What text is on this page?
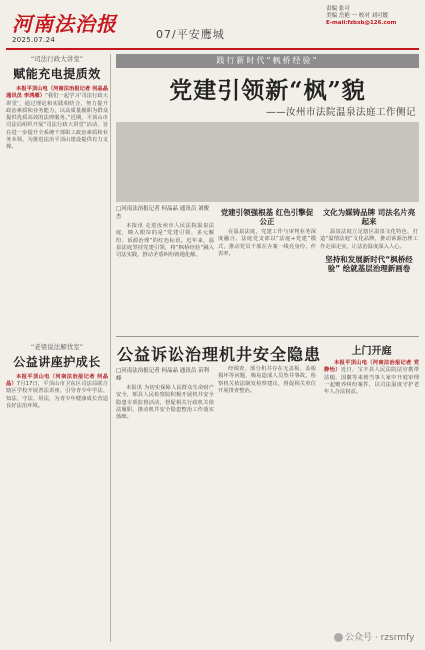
河南法治报
2025.07.24	07/平安鹰城
责编 张可
美编 岳艳 一 校对 刘可嫒
E-mail:fzbxb@126.com
“司法行政大讲堂”
赋能充电提质效

本报平顶山电（河南法治报记者 何晶晶 通讯员 李鸿雁）“我们一起学习‘司法行政大讲堂’，通过理论和实践相结合，努力提升政治素质和业务能力，以高质量履职为群众提供优质高效的法律服务。”近期，平顶山市司法局组织开展“司法行政大讲堂”活动，旨在进一步提升全系统干部职工政治素质和业务本领，为推进法治平顶山建设提供有力支撑。

“老梁说法解忧室”
公益讲座护成长

本报平顶山电（河南法治报记者 何晶晶）7月17日，平顶山市卫东区司法局联合辖区学校开展普法讲座，引导青少年学法、知法、守法、用法，为青少年健康成长营造良好法治环境。

践行新时代“枫桥经验”
党建引领新“枫”貌
——汝州市法院温泉法庭工作侧记
□河南法治报记者 何晶晶 通讯员 刘俊杰

本报讯 走进汝州市人民法院温泉法庭，映入眼帘的是“党建引领、多元解纷、诉源治理”的红色标语。近年来，温泉法庭坚持党建引领，将“枫桥经验”融入司法实践，推动矛盾纠纷就地化解。

党建引领强根基 红色引擎促公正

在温泉法庭，党建工作与审判业务深度融合。法庭党支部以“法庭+党建”模式，推动党员干部在办案一线亮身份、作表率。

文化为媒铸品牌 司法名片亮起来

温泉法庭立足辖区温泉文化特色，打造“温情法庭”文化品牌，推动诉源治理工作走深走实，让法治温度深入人心。

坚持和发展新时代“枫桥经验” 绘就基层治理新画卷
公益诉讼治理机井安全隐患
□河南法治报记者 何晶晶 通讯员 苗利峰

本报讯 为切实保障人民群众生命财产安全，郏县人民检察院积极开展机井安全隐患专项监督活动，督促相关行政机关依法履职，推动机井安全隐患整治工作落实落细。

经调查，部分机井存在无盖板、盖板损坏等问题，极易造成人员坠井事故。检察机关依法制发检察建议，督促相关单位开展排查整治。

上门开庭

本报平顶山电（河南法治报记者 党静怡）近日，宝丰县人民法院法官携带法槌、国徽等来到当事人家中开庭审理一起赡养纠纷案件，以司法温度守护老年人合法权益。

公众号 · rzsrmfy
